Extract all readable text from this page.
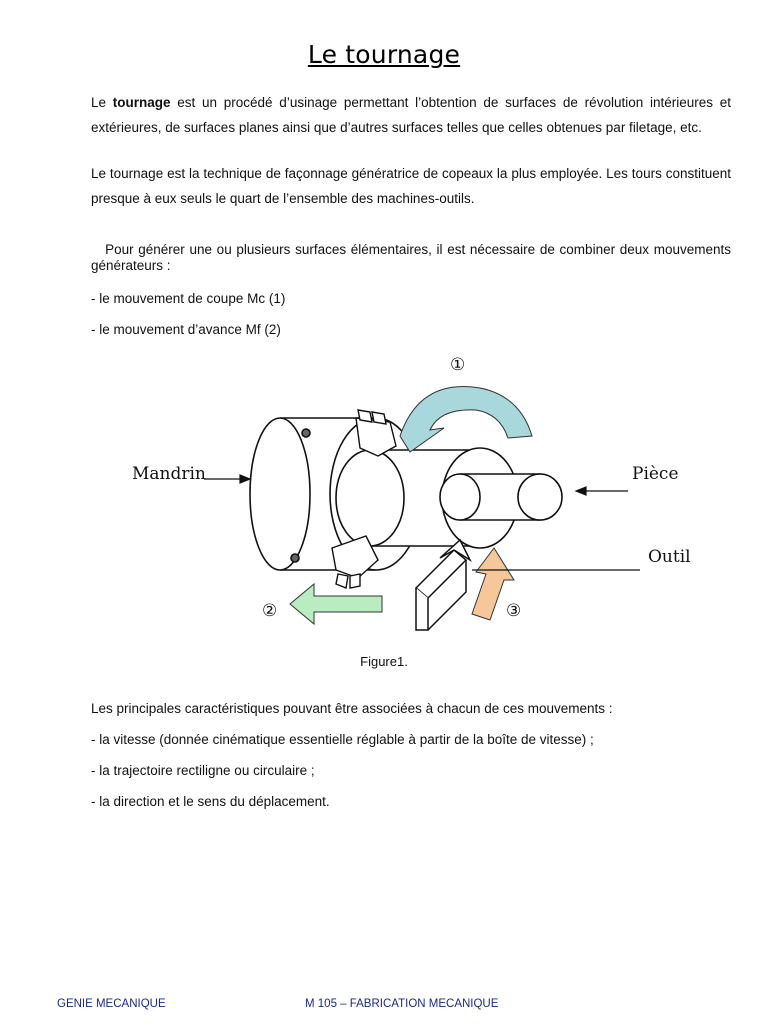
Le tournage

Le tournage est un procédé d’usinage permettant l’obtention de surfaces de révolution intérieures et extérieures, de surfaces planes ainsi que d’autres surfaces telles que celles obtenues par filetage, etc.

Le tournage est la technique de façonnage génératrice de copeaux la plus employée. Les tours constituent presque à eux seuls le quart de l’ensemble des machines-outils.

Pour générer une ou plusieurs surfaces élémentaires, il est nécessaire de combiner deux mouvements générateurs :

- le mouvement de coupe Mc (1)

- le mouvement d’avance Mf (2)

Mandrin	Pièce
Outil
①
②	③
Figure1.

Les principales caractéristiques pouvant être associées à chacun de ces mouvements :

- la vitesse (donnée cinématique essentielle réglable à partir de la boîte de vitesse) ;

- la trajectoire rectiligne ou circulaire ;

- la direction et le sens du déplacement.

GENIE MECANIQUE	M 105 – FABRICATION MECANIQUE
